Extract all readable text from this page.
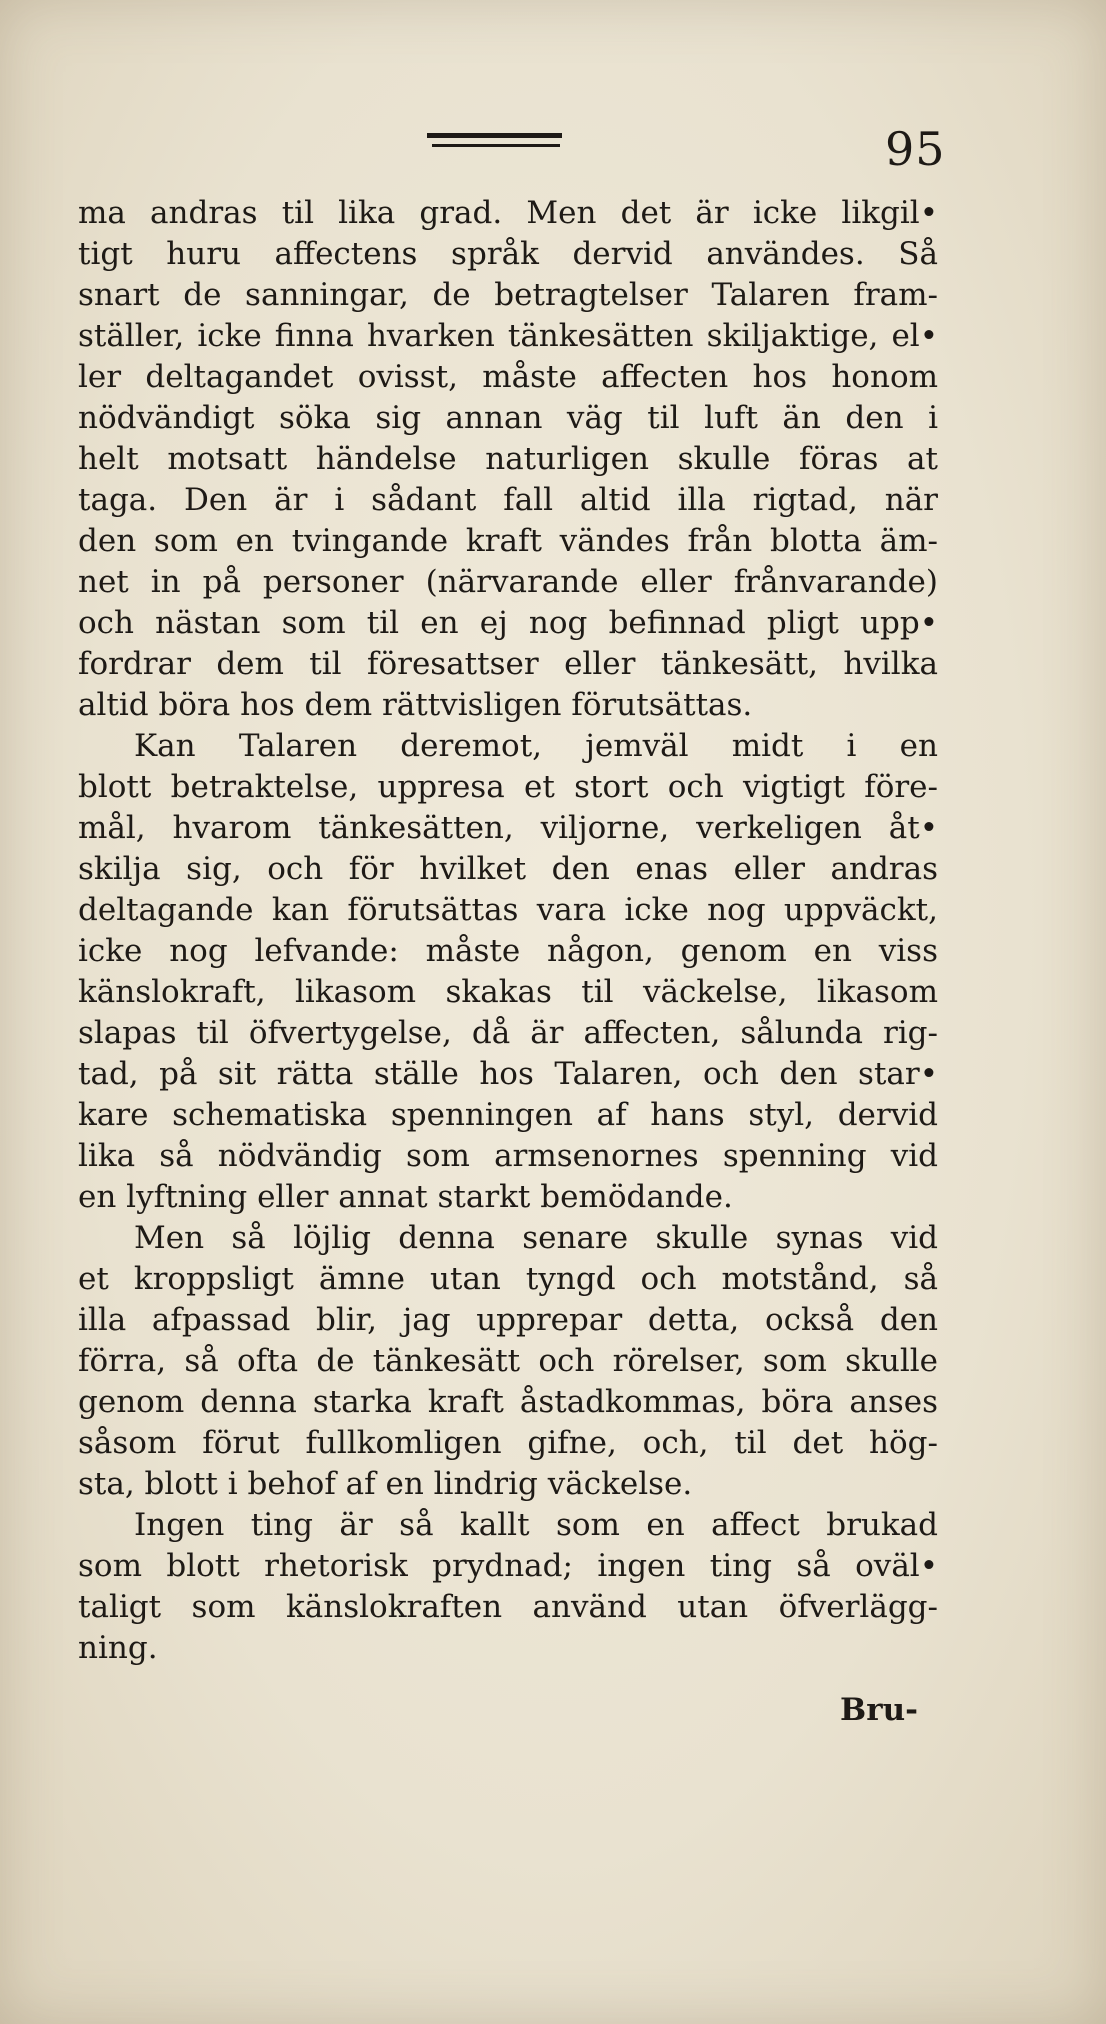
95
ma andras til lika grad. Men det är icke likgil•
tigt huru affectens språk dervid användes. Så
snart de sanningar, de betragtelser Talaren fram-
ställer, icke finna hvarken tänkesätten skiljaktige, el•
ler deltagandet ovisst, måste affecten hos honom
nödvändigt söka sig annan väg til luft än den i
helt motsatt händelse naturligen skulle föras at
taga. Den är i sådant fall altid illa rigtad, när
den som en tvingande kraft vändes från blotta äm-
net in på personer (närvarande eller frånvarande)
och nästan som til en ej nog befinnad pligt upp•
fordrar dem til föresattser eller tänkesätt, hvilka
altid böra hos dem rättvisligen förutsättas.
Kan Talaren deremot, jemväl midt i en
blott betraktelse, uppresa et stort och vigtigt före-
mål, hvarom tänkesätten, viljorne, verkeligen åt•
skilja sig, och för hvilket den enas eller andras
deltagande kan förutsättas vara icke nog uppväckt,
icke nog lefvande: måste någon, genom en viss
känslokraft, likasom skakas til väckelse, likasom
slapas til öfvertygelse, då är affecten, sålunda rig-
tad, på sit rätta ställe hos Talaren, och den star•
kare schematiska spenningen af hans styl, dervid
lika så nödvändig som armsenornes spenning vid
en lyftning eller annat starkt bemödande.
Men så löjlig denna senare skulle synas vid
et kroppsligt ämne utan tyngd och motstånd, så
illa afpassad blir, jag upprepar detta, också den
förra, så ofta de tänkesätt och rörelser, som skulle
genom denna starka kraft åstadkommas, böra anses
såsom förut fullkomligen gifne, och, til det hög-
sta, blott i behof af en lindrig väckelse.
Ingen ting är så kallt som en affect brukad
som blott rhetorisk prydnad; ingen ting så oväl•
taligt som känslokraften använd utan öfverlägg-
ning.
Bru-
